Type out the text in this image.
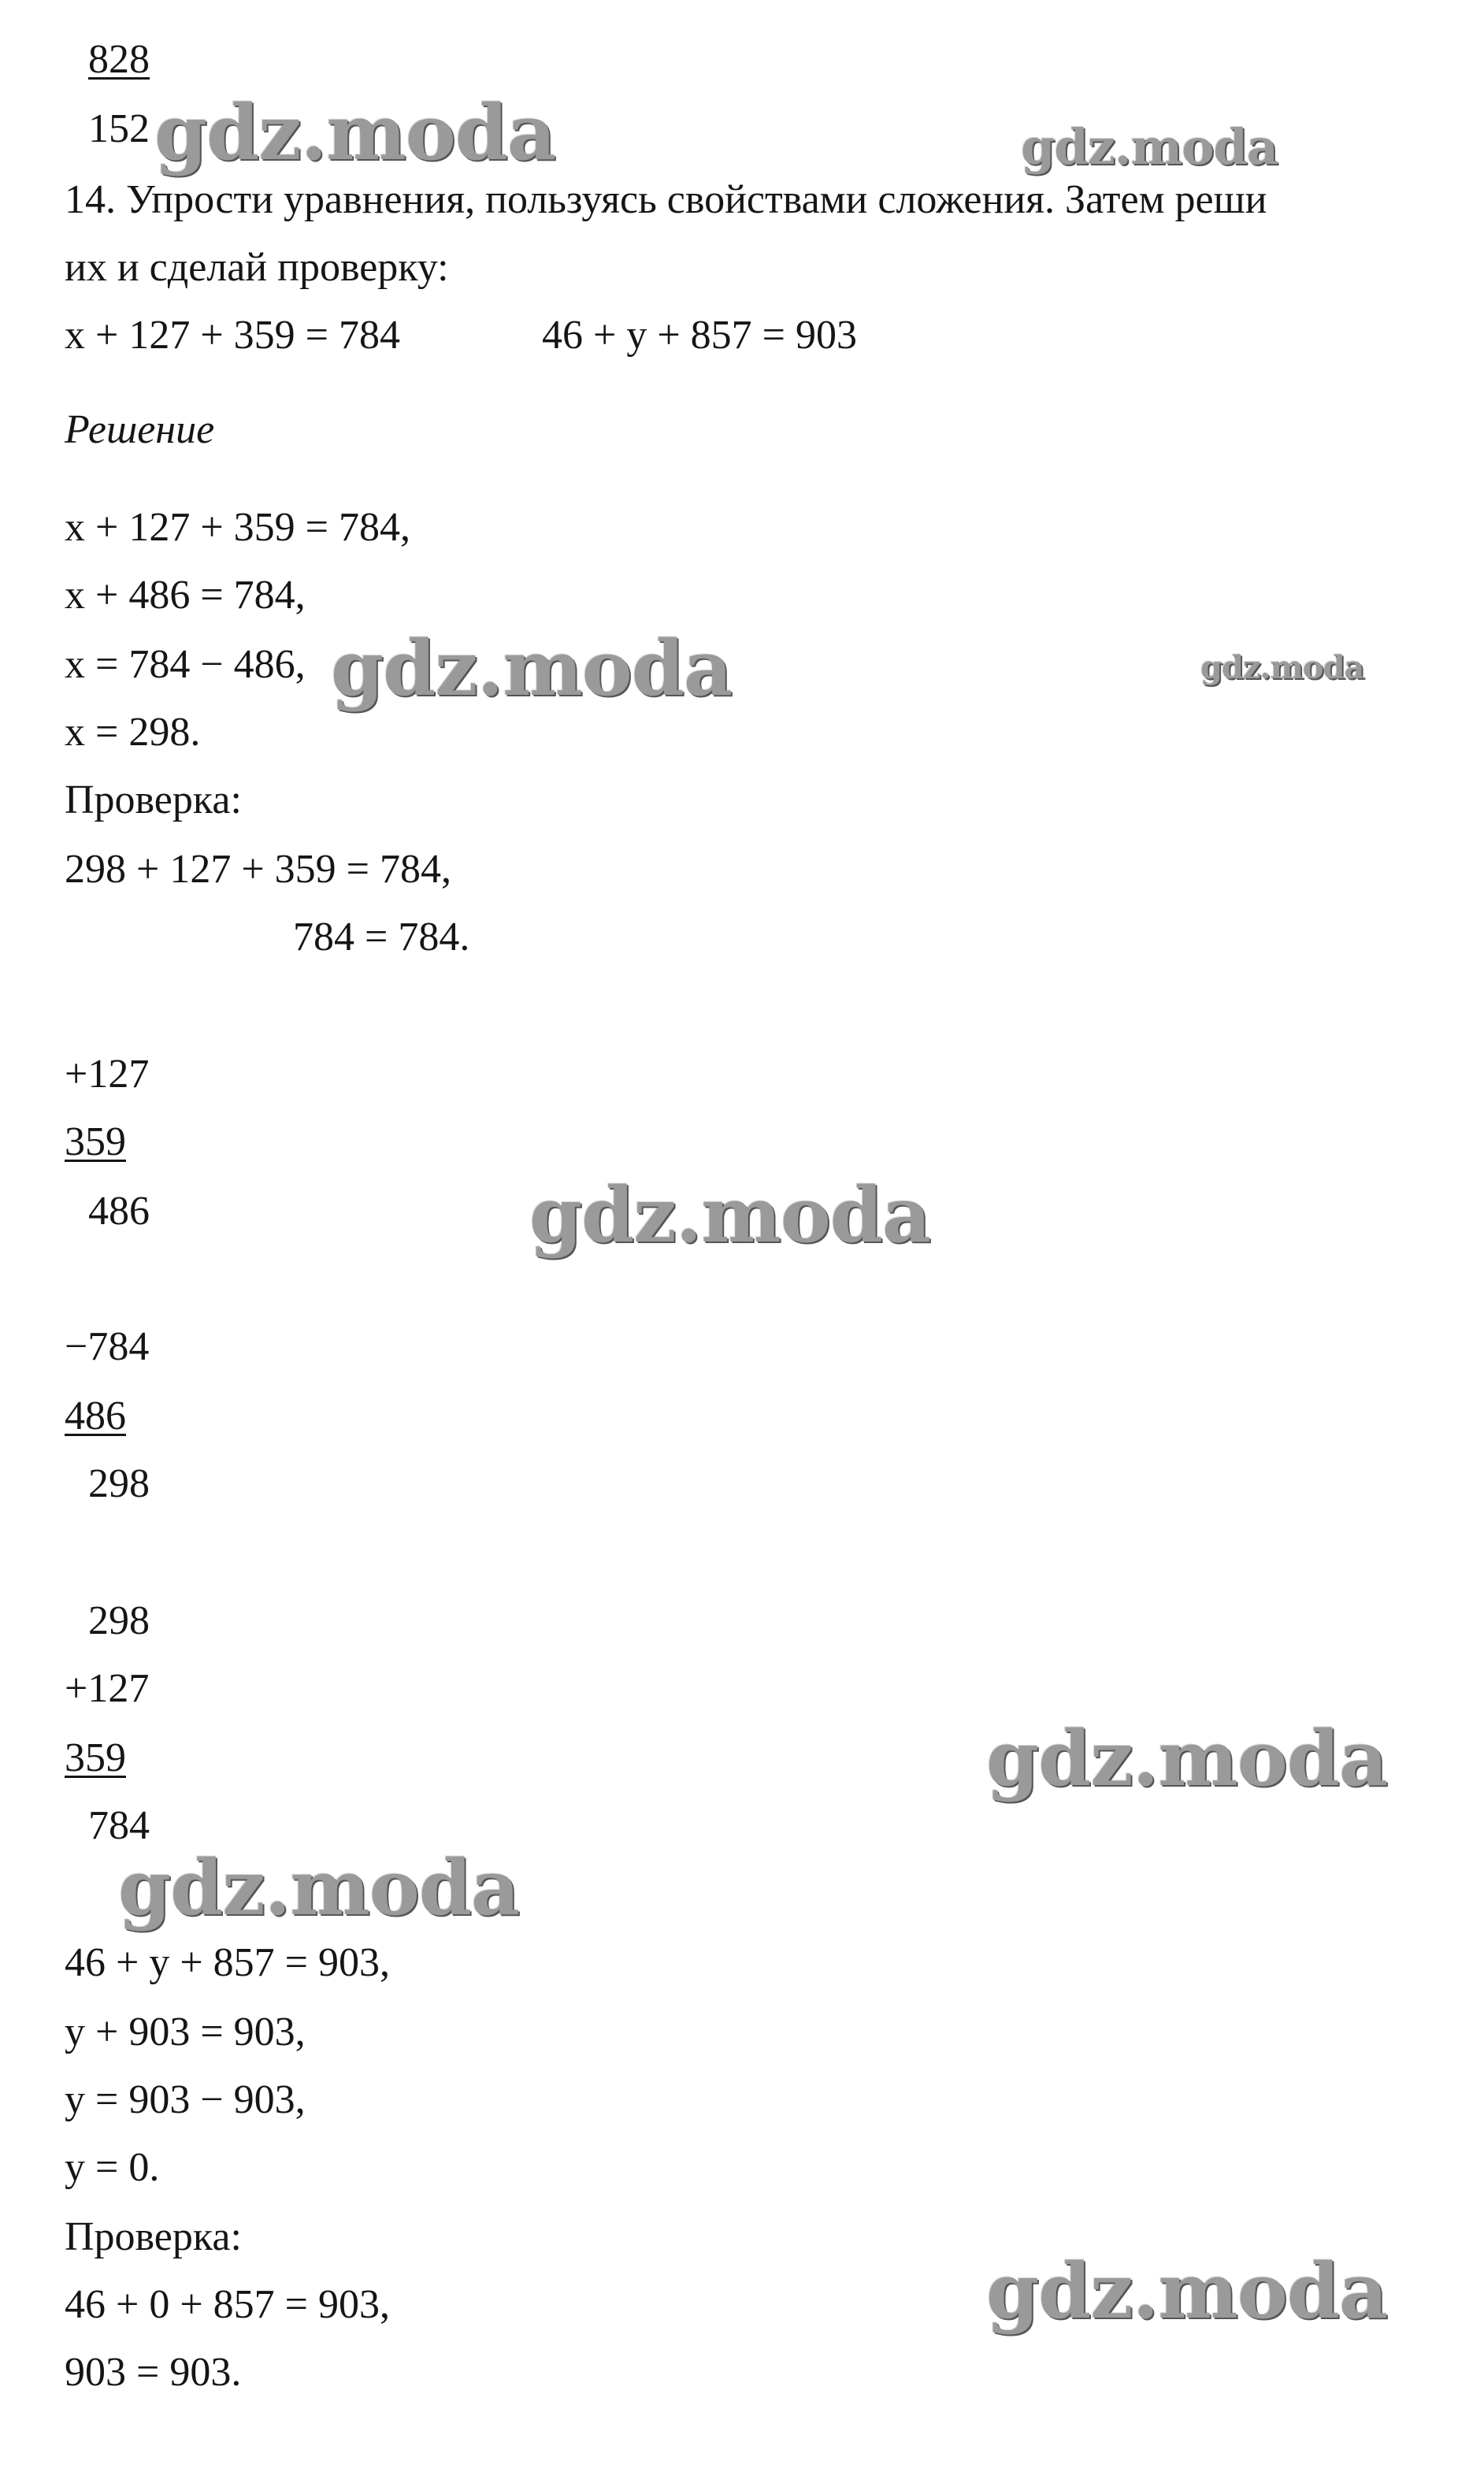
828
152
14. Упрости уравнения, пользуясь свойствами сложения. Затем реши
их и сделай проверку:
x + 127 + 359 = 784	46 + y + 857 = 903
Решение
x + 127 + 359 = 784,
x + 486 = 784,
x = 784 − 486,
x = 298.
Проверка:
298 + 127 + 359 = 784,
784 = 784.
+127
359
486
−784
486
298
298
+127
359
784
46 + y + 857 = 903,
y + 903 = 903,
y = 903 − 903,
y = 0.
Проверка:
46 + 0 + 857 = 903,
903 = 903.
gdz.moda	gdz.moda
gdz.moda	gdz.moda
gdz.moda
gdz.moda
gdz.moda
gdz.moda
